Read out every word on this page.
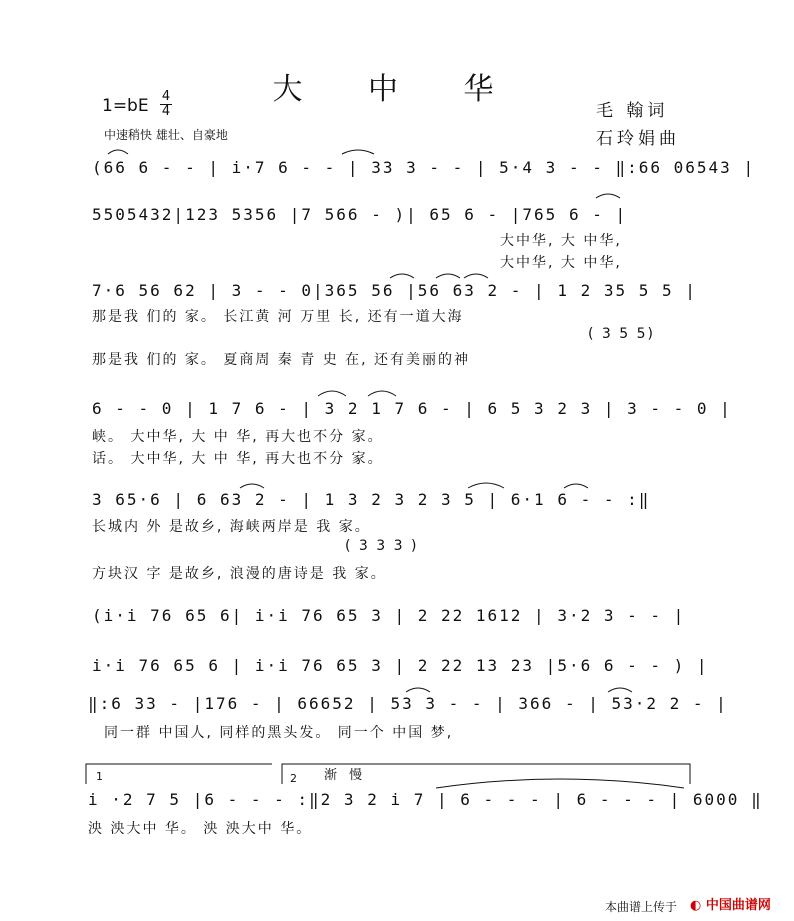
大 中 华
1=bE 4
4
中速稍快 雄壮、自豪地
毛 翰词
石玲娟曲
(66 6 - - | i·7 6 - - | 33 3 - - | 5·4 3 - - ‖:66 06543 |
5505432|123 5356 |7 566 - )| 65 6 - |765 6 - |
大中华, 大 中华,
大中华, 大 中华,
7·6 56 62 | 3 - - 0|365 56 |56 63 2 - | 1 2 35 5 5 |
那是我 们的 家。 长江黄 河 万里 长, 还有一道大海
( 3 5 5)
那是我 们的 家。 夏商周 秦 青 史 在, 还有美丽的神
6 - - 0 | 1 7 6 - | 3 2 1 7 6 - | 6 5 3 2 3 | 3 - - 0 |
峡。 大中华, 大 中 华, 再大也不分 家。
话。 大中华, 大 中 华, 再大也不分 家。
3 65·6 | 6 63 2 - | 1 3 2 3 2 3 5 | 6·1 6 - - :‖
长城内 外 是故乡, 海峡两岸是 我 家。
( 3 3 3 )
方块汉 字 是故乡, 浪漫的唐诗是 我 家。
(i·i 76 65 6| i·i 76 65 3 | 2 22 1612 | 3·2 3 - - |
i·i 76 65 6 | i·i 76 65 3 | 2 22 13 23 |5·6 6 - - ) |
‖:6 33 - |176 - | 66652 | 53 3 - - | 366 - | 53·2 2 - |
同一群 中国人, 同样的黑头发。 同一个 中国 梦,
1	2 渐 慢
i ·2 7 5 |6 - - - :‖2 3 2 i 7 | 6 - - - | 6 - - - | 6000 ‖
泱 泱大中 华。 泱 泱大中 华。
本曲谱上传于 ◐ 中国曲谱网
